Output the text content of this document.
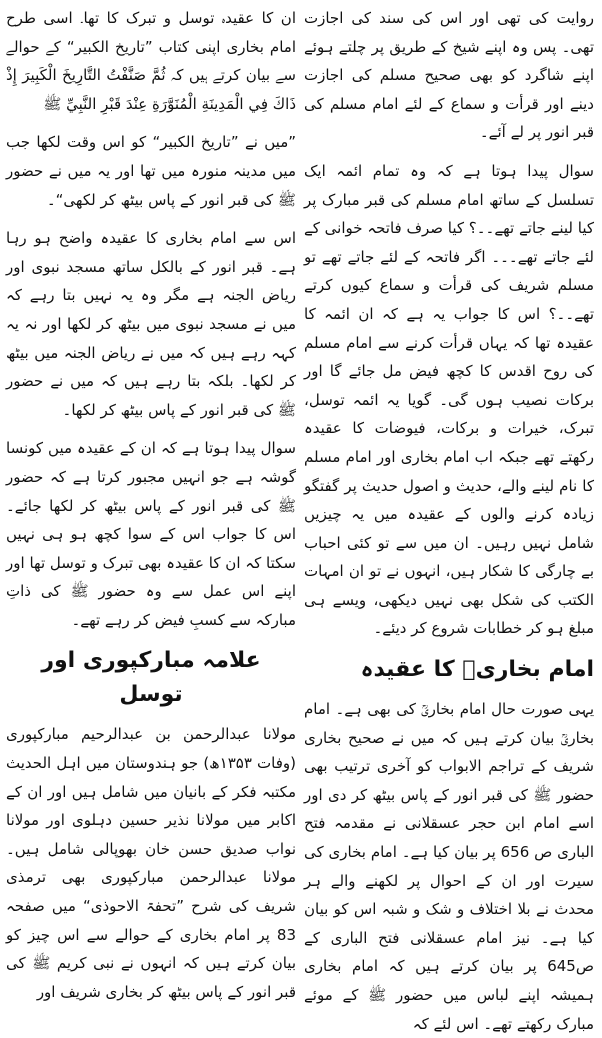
روایت کی تھی اور اس کی سند کی اجازت تھی۔ پس وہ اپنے شیخ کے طریق پر چلتے ہوئے اپنے شاگرد کو بھی صحیح مسلم کی اجازت دینے اور قرأت و سماع کے لئے امام مسلم کی قبر انور پر لے آئے۔

سوال پیدا ہوتا ہے کہ وہ تمام ائمہ ایک تسلسل کے ساتھ امام مسلم کی قبر مبارک پر کیا لینے جاتے تھے۔۔؟ کیا صرف فاتحہ خوانی کے لئے جاتے تھے۔۔۔ اگر فاتحہ کے لئے جاتے تھے تو مسلم شریف کی قرأت و سماع کیوں کرتے تھے۔۔؟ اس کا جواب یہ ہے کہ ان ائمہ کا عقیدہ تھا کہ یہاں قرأت کرنے سے امام مسلم کی روح اقدس کا کچھ فیض مل جائے گا اور برکات نصیب ہوں گی۔ گویا یہ ائمہ توسل، تبرک، خیرات و برکات، فیوضات کا عقیدہ رکھتے تھے جبکہ اب امام بخاری اور امام مسلم کا نام لینے والے، حدیث و اصول حدیث پر گفتگو زیادہ کرنے والوں کے عقیدہ میں یہ چیزیں شامل نہیں رہیں۔ ان میں سے تو کئی احباب بے چارگی کا شکار ہیں، انہوں نے تو ان امہات الکتب کی شکل بھی نہیں دیکھی، ویسے ہی مبلغ ہو کر خطابات شروع کر دیئے۔

امام بخاریؒ کا عقیدہ

یہی صورت حال امام بخاریؒ کی بھی ہے۔ امام بخاریؒ بیان کرتے ہیں کہ میں نے صحیح بخاری شریف کے تراجم الابواب کو آخری ترتیب بھی حضور ﷺ کی قبر انور کے پاس بیٹھ کر دی اور اسے امام ابن حجر عسقلانی نے مقدمہ فتح الباری ص 656 پر بیان کیا ہے۔ امام بخاری کی سیرت اور ان کے احوال پر لکھنے والے ہر محدث نے بلا اختلاف و شک و شبہ اس کو بیان کیا ہے۔ نیز امام عسقلانی فتح الباری کے ص645 پر بیان کرتے ہیں کہ امام بخاری ہمیشہ اپنے لباس میں حضور ﷺ کے موئے مبارک رکھتے تھے۔ اس لئے کہ

ان کا عقیدہ توسل و تبرک کا تھا۔ اسی طرح امام بخاری اپنی کتاب ”تاریخ الکبیر“ کے حوالے سے بیان کرتے ہیں کہ ثُمَّ صَنَّفْتُ التَّارِيخَ الْكَبِيرَ إِذْ ذَاكَ فِي الْمَدِينَةِ الْمُنَوَّرَةِ عِنْدَ قَبْرِ النَّبِيِّ ﷺ

”میں نے ”تاریخ الکبیر“ کو اس وقت لکھا جب میں مدینہ منورہ میں تھا اور یہ میں نے حضور ﷺ کی قبر انور کے پاس بیٹھ کر لکھی“۔

اس سے امام بخاری کا عقیدہ واضح ہو رہا ہے۔ قبر انور کے بالکل ساتھ مسجد نبوی اور ریاض الجنہ ہے مگر وہ یہ نہیں بتا رہے کہ میں نے مسجد نبوی میں بیٹھ کر لکھا اور نہ یہ کہہ رہے ہیں کہ میں نے ریاض الجنہ میں بیٹھ کر لکھا۔ بلکہ بتا رہے ہیں کہ میں نے حضور ﷺ کی قبر انور کے پاس بیٹھ کر لکھا۔

سوال پیدا ہوتا ہے کہ ان کے عقیدہ میں کونسا گوشہ ہے جو انہیں مجبور کرتا ہے کہ حضور ﷺ کی قبر انور کے پاس بیٹھ کر لکھا جائے۔ اس کا جواب اس کے سوا کچھ ہو ہی نہیں سکتا کہ ان کا عقیدہ بھی تبرک و توسل تھا اور اپنے اس عمل سے وہ حضور ﷺ کی ذاتِ مبارکہ سے کسبِ فیض کر رہے تھے۔

علامہ مبارکپوری اور توسل

مولانا عبدالرحمن بن عبدالرحیم مبارکپوری (وفات ۱۳۵۳ھ) جو ہندوستان میں اہل الحدیث مکتبہ فکر کے بانیان میں شامل ہیں اور ان کے اکابر میں مولانا نذیر حسین دہلوی اور مولانا نواب صدیق حسن خان بھوپالی شامل ہیں۔ مولانا عبدالرحمن مبارکپوری بھی ترمذی شریف کی شرح ”تحفۃ الاحوذی“ میں صفحہ 83 پر امام بخاری کے حوالے سے اس چیز کو بیان کرتے ہیں کہ انہوں نے نبی کریم ﷺ کی قبر انور کے پاس بیٹھ کر بخاری شریف اور
